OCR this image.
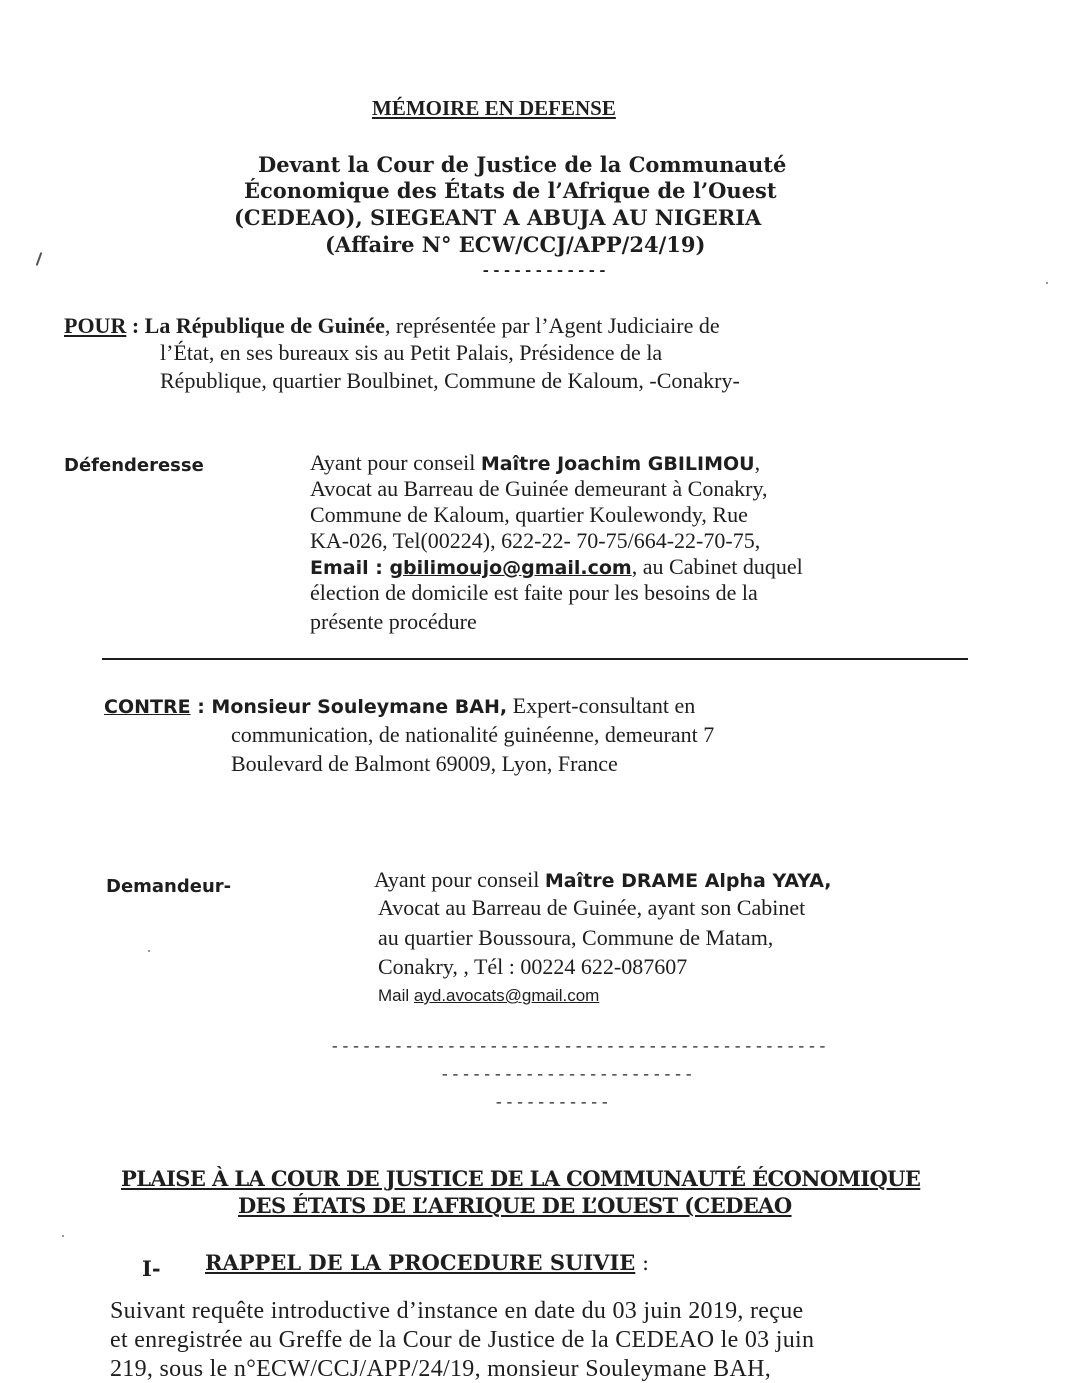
MÉMOIRE EN DEFENSE
Devant la Cour de Justice de la Communauté
Économique des États de l’Afrique de l’Ouest
(CEDEAO), SIEGEANT A ABUJA AU NIGERIA
(Affaire N° ECW/CCJ/APP/24/19)
------------
POUR : La République de Guinée, représentée par l’Agent Judiciaire de
l’État, en ses bureaux sis au Petit Palais, Présidence de la
République, quartier Boulbinet, Commune de Kaloum, -Conakry-
Défenderesse	Ayant pour conseil Maître Joachim GBILIMOU,
Avocat au Barreau de Guinée demeurant à Conakry,
Commune de Kaloum, quartier Koulewondy, Rue
KA-026, Tel(00224), 622-22- 70-75/664-22-70-75,
Email : gbilimoujo@gmail.com, au Cabinet duquel
élection de domicile est faite pour les besoins de la
présente procédure
CONTRE : Monsieur Souleymane BAH, Expert-consultant en
communication, de nationalité guinéenne, demeurant 7
Boulevard de Balmont 69009, Lyon, France
Demandeur-	Ayant pour conseil Maître DRAME Alpha YAYA,
Avocat au Barreau de Guinée, ayant son Cabinet
au quartier Boussoura, Commune de Matam,
Conakry, , Tél : 00224 622-087607
Mail ayd.avocats@gmail.com
-----------------------------------------------
------------------------
-----------
PLAISE À LA COUR DE JUSTICE DE LA COMMUNAUTÉ ÉCONOMIQUE
DES ÉTATS DE L’AFRIQUE DE L’OUEST (CEDEAO
I- RAPPEL DE LA PROCEDURE SUIVIE :
Suivant requête introductive d’instance en date du 03 juin 2019, reçue
et enregistrée au Greffe de la Cour de Justice de la CEDEAO le 03 juin
219, sous le n°ECW/CCJ/APP/24/19, monsieur Souleymane BAH,
